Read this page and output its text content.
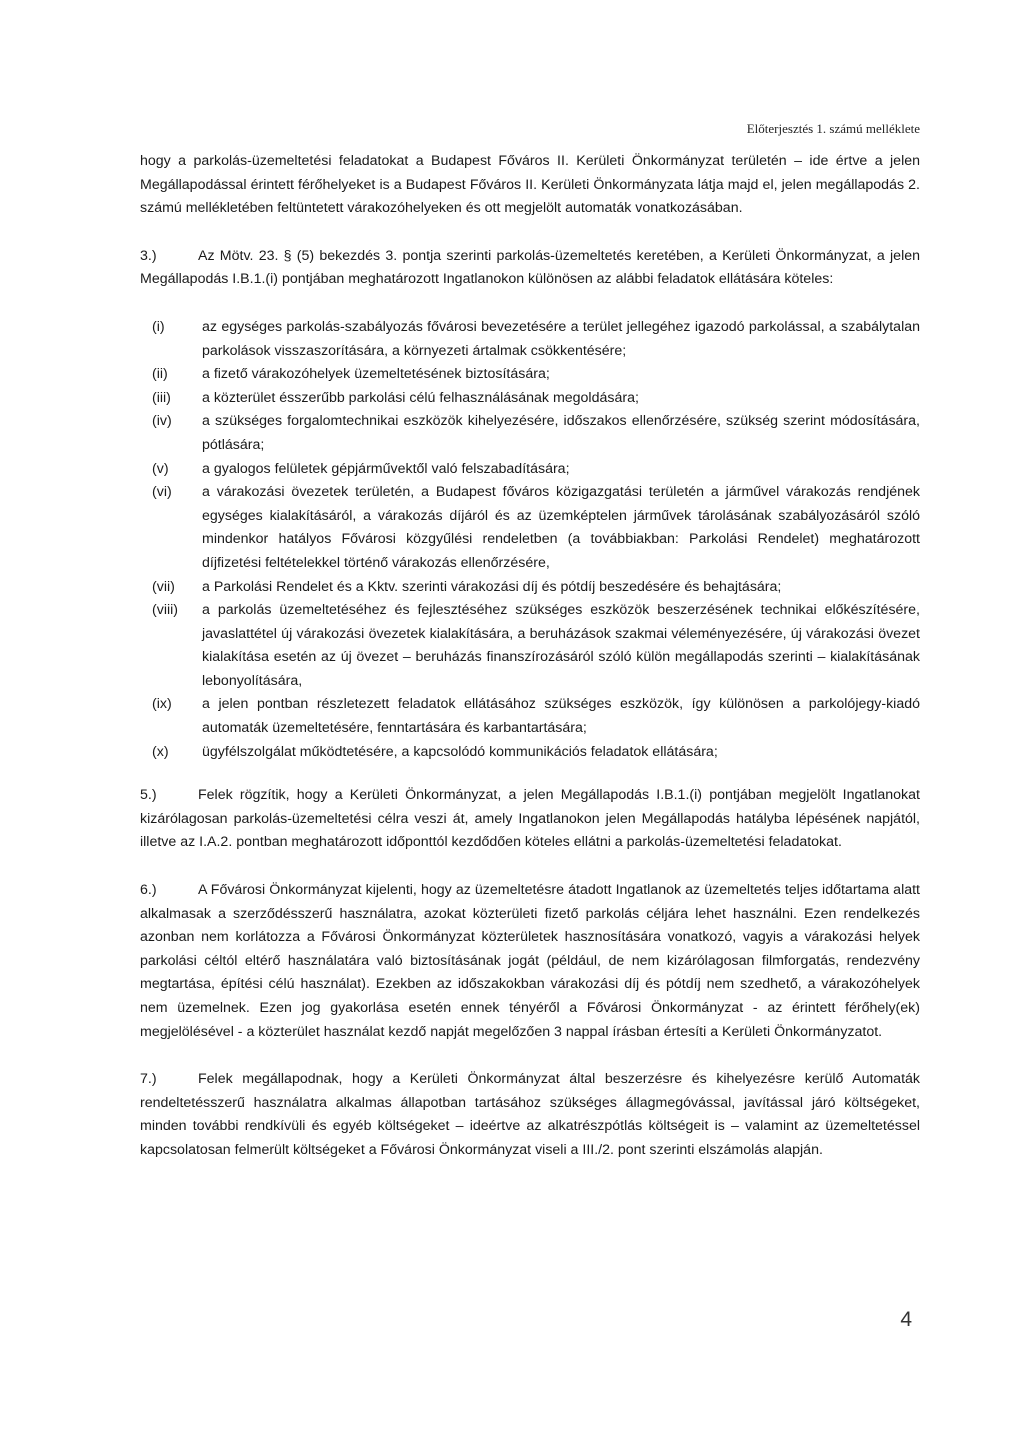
Előterjesztés 1. számú melléklete

hogy a parkolás-üzemeltetési feladatokat a Budapest Főváros II. Kerületi Önkormányzat területén – ide értve a jelen Megállapodással érintett férőhelyeket is a Budapest Főváros II. Kerületi Önkormányzata látja majd el, jelen megállapodás 2. számú mellékletében feltüntetett várakozóhelyeken és ott megjelölt automaták vonatkozásában.

3.)	Az Mötv. 23. § (5) bekezdés 3. pontja szerinti parkolás-üzemeltetés keretében, a Kerületi Önkormányzat, a jelen Megállapodás I.B.1.(i) pontjában meghatározott Ingatlanokon különösen az alábbi feladatok ellátására köteles:

(i)	az egységes parkolás-szabályozás fővárosi bevezetésére a terület jellegéhez igazodó parkolással, a szabálytalan parkolások visszaszorítására, a környezeti ártalmak csökkentésére;
(ii)	a fizető várakozóhelyek üzemeltetésének biztosítására;
(iii)	a közterület ésszerűbb parkolási célú felhasználásának megoldására;
(iv)	a szükséges forgalomtechnikai eszközök kihelyezésére, időszakos ellenőrzésére, szükség szerint módosítására, pótlására;
(v)	a gyalogos felületek gépjárművektől való felszabadítására;
(vi)	a várakozási övezetek területén, a Budapest főváros közigazgatási területén a járművel várakozás rendjének egységes kialakításáról, a várakozás díjáról és az üzemképtelen járművek tárolásának szabályozásáról szóló mindenkor hatályos Fővárosi közgyűlési rendeletben (a továbbiakban: Parkolási Rendelet) meghatározott díjfizetési feltételekkel történő várakozás ellenőrzésére,
(vii)	a Parkolási Rendelet és a Kktv. szerinti várakozási díj és pótdíj beszedésére és behajtására;
(viii)	a parkolás üzemeltetéséhez és fejlesztéséhez szükséges eszközök beszerzésének technikai előkészítésére, javaslattétel új várakozási övezetek kialakítására, a beruházások szakmai véleményezésére, új várakozási övezet kialakítása esetén az új övezet – beruházás finanszírozásáról szóló külön megállapodás szerinti – kialakításának lebonyolítására,
(ix)	a jelen pontban részletezett feladatok ellátásához szükséges eszközök, így különösen a parkolójegy-kiadó automaták üzemeltetésére, fenntartására és karbantartására;
(x)	ügyfélszolgálat működtetésére, a kapcsolódó kommunikációs feladatok ellátására;

5.)	Felek rögzítik, hogy a Kerületi Önkormányzat, a jelen Megállapodás I.B.1.(i) pontjában megjelölt Ingatlanokat kizárólagosan parkolás-üzemeltetési célra veszi át, amely Ingatlanokon jelen Megállapodás hatályba lépésének napjától, illetve az I.A.2. pontban meghatározott időponttól kezdődően köteles ellátni a parkolás-üzemeltetési feladatokat.

6.)	A Fővárosi Önkormányzat kijelenti, hogy az üzemeltetésre átadott Ingatlanok az üzemeltetés teljes időtartama alatt alkalmasak a szerződésszerű használatra, azokat közterületi fizető parkolás céljára lehet használni. Ezen rendelkezés azonban nem korlátozza a Fővárosi Önkormányzat közterületek hasznosítására vonatkozó, vagyis a várakozási helyek parkolási céltól eltérő használatára való biztosításának jogát (például, de nem kizárólagosan filmforgatás, rendezvény megtartása, építési célú használat). Ezekben az időszakokban várakozási díj és pótdíj nem szedhető, a várakozóhelyek nem üzemelnek. Ezen jog gyakorlása esetén ennek tényéről a Fővárosi Önkormányzat - az érintett férőhely(ek) megjelölésével - a közterület használat kezdő napját megelőzően 3 nappal írásban értesíti a Kerületi Önkormányzatot.

7.)	Felek megállapodnak, hogy a Kerületi Önkormányzat által beszerzésre és kihelyezésre kerülő Automaták rendeltetésszerű használatra alkalmas állapotban tartásához szükséges állagmegóvással, javítással járó költségeket, minden további rendkívüli és egyéb költségeket – ideértve az alkatrészpótlás költségeit is – valamint az üzemeltetéssel kapcsolatosan felmerült költségeket a Fővárosi Önkormányzat viseli a III./2. pont szerinti elszámolás alapján.

4
